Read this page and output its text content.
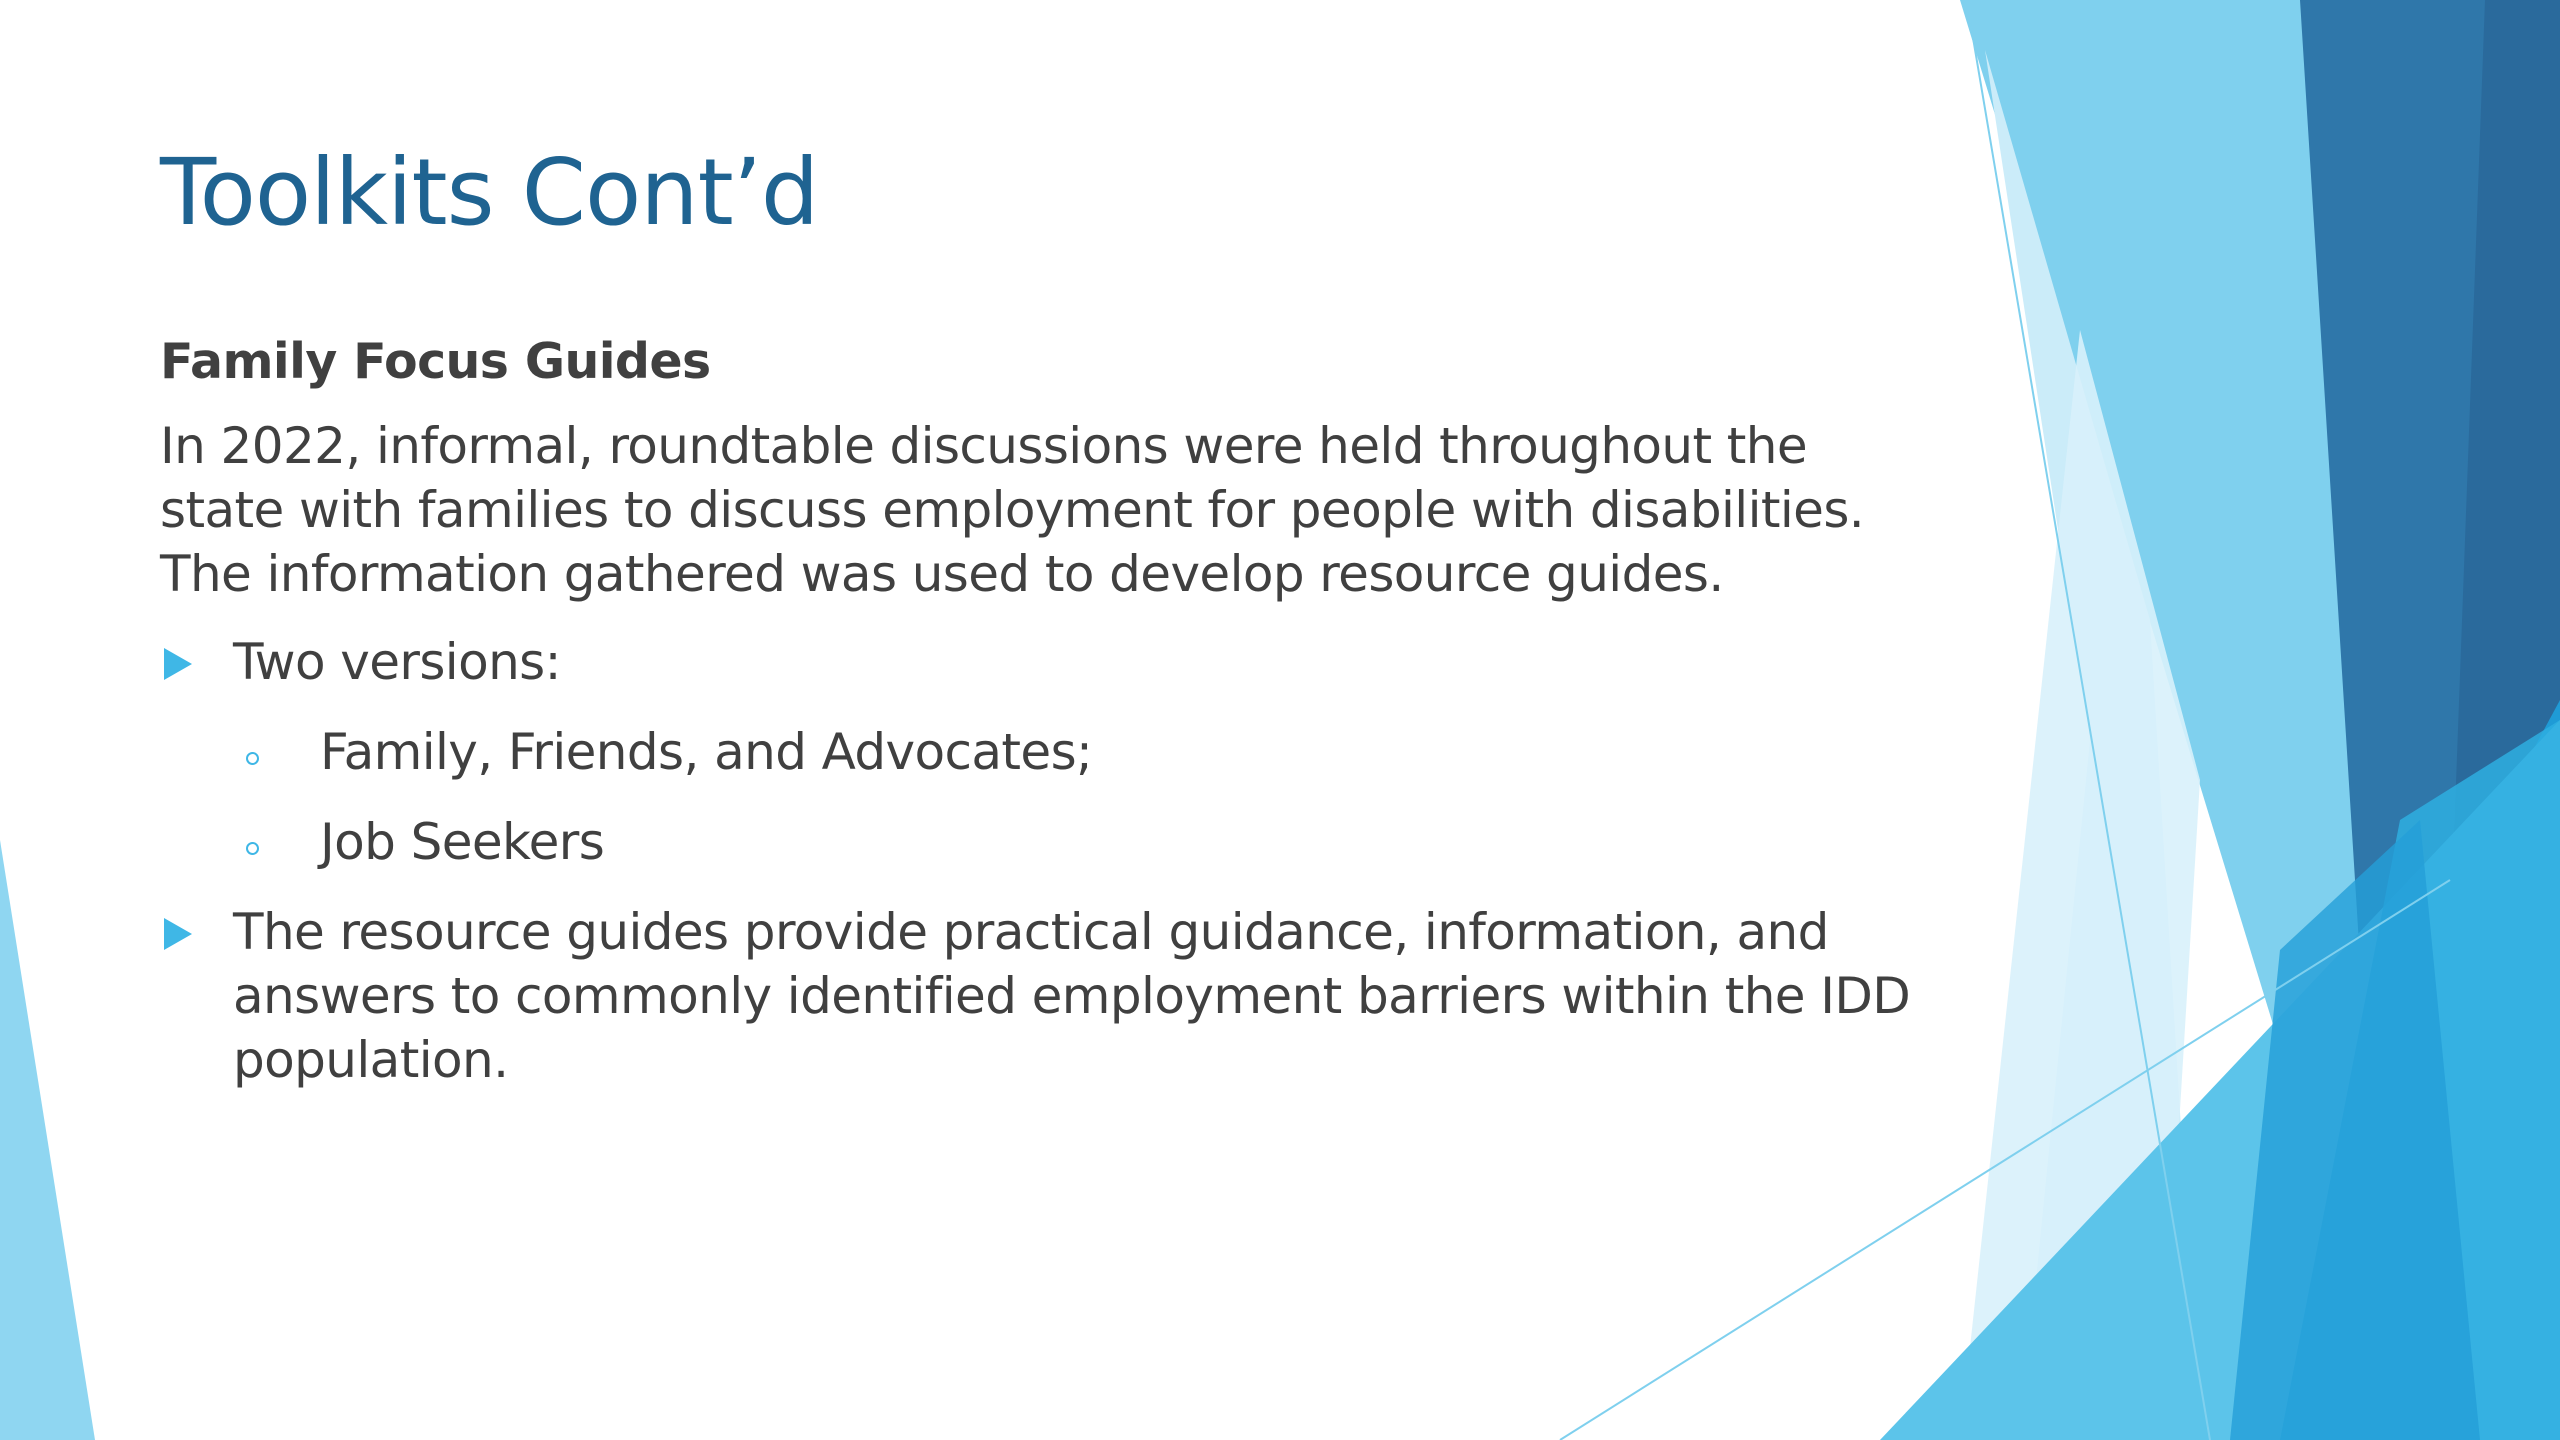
Toolkits Cont’d
Family Focus Guides

In 2022, informal, roundtable discussions were held throughout the state with families to discuss employment for people with disabilities. The information gathered was used to develop resource guides.

Two versions:
Family, Friends, and Advocates;
Job Seekers
The resource guides provide practical guidance, information, and answers to commonly identified employment barriers within the IDD population.
